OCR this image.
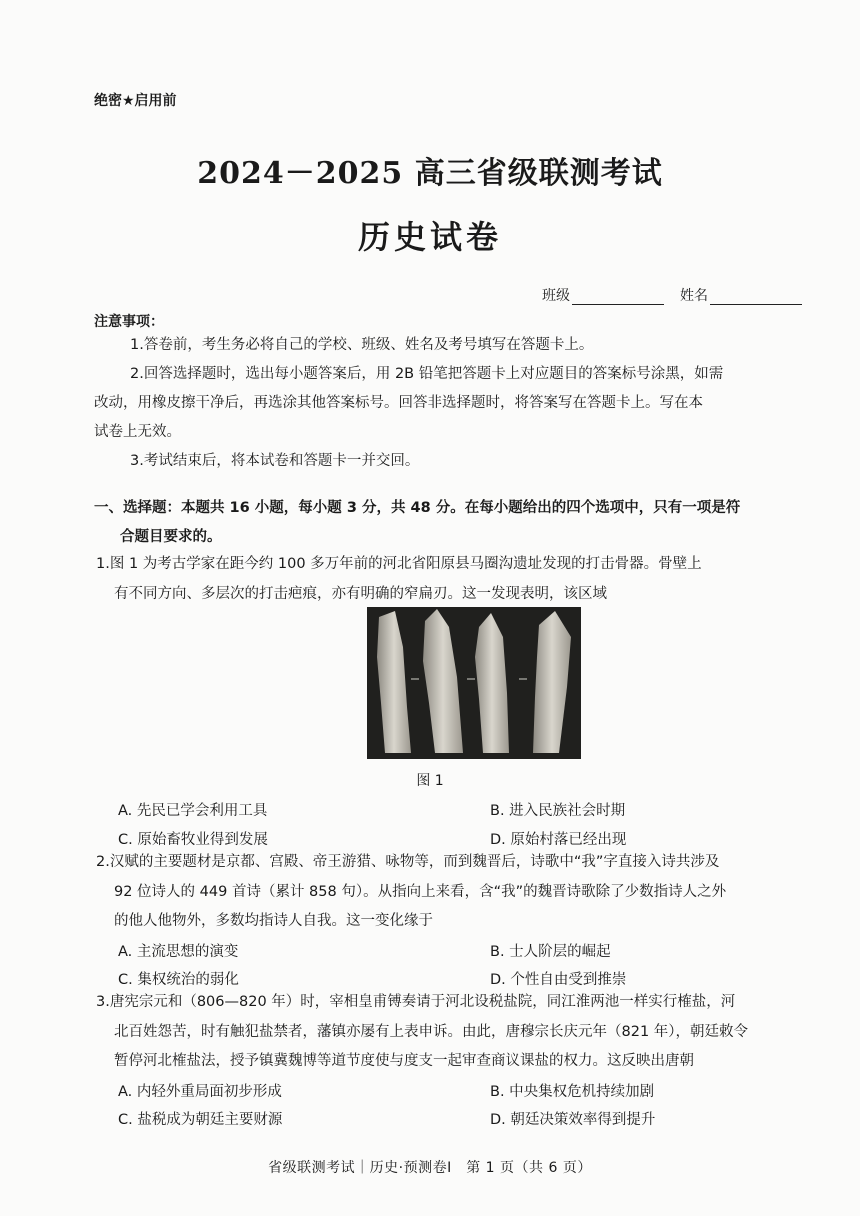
绝密★启用前
2024－2025 高三省级联测考试
历史试卷
班级	姓名
注意事项：
1.答卷前，考生务必将自己的学校、班级、姓名及考号填写在答题卡上。
2.回答选择题时，选出每小题答案后，用 2B 铅笔把答题卡上对应题目的答案标号涂黑，如需
改动，用橡皮擦干净后，再选涂其他答案标号。回答非选择题时，将答案写在答题卡上。写在本
试卷上无效。
3.考试结束后，将本试卷和答题卡一并交回。
一、选择题：本题共 16 小题，每小题 3 分，共 48 分。在每小题给出的四个选项中，只有一项是符
合题目要求的。
1.图 1 为考古学家在距今约 100 多万年前的河北省阳原县马圈沟遗址发现的打击骨器。骨壁上
有不同方向、多层次的打击疤痕，亦有明确的窄扁刃。这一发现表明，该区域
图 1
A. 先民已学会利用工具	B. 进入民族社会时期
C. 原始畜牧业得到发展	D. 原始村落已经出现
2.汉赋的主要题材是京都、宫殿、帝王游猎、咏物等，而到魏晋后，诗歌中“我”字直接入诗共涉及
92 位诗人的 449 首诗（累计 858 句）。从指向上来看，含“我”的魏晋诗歌除了少数指诗人之外
的他人他物外，多数均指诗人自我。这一变化缘于
A. 主流思想的演变	B. 士人阶层的崛起
C. 集权统治的弱化	D. 个性自由受到推崇
3.唐宪宗元和（806—820 年）时，宰相皇甫镈奏请于河北设税盐院，同江淮两池一样实行榷盐，河
北百姓怨苦，时有触犯盐禁者，藩镇亦屡有上表申诉。由此，唐穆宗长庆元年（821 年），朝廷敕令
暂停河北榷盐法，授予镇冀魏博等道节度使与度支一起审查商议课盐的权力。这反映出唐朝
A. 内轻外重局面初步形成	B. 中央集权危机持续加剧
C. 盐税成为朝廷主要财源	D. 朝廷决策效率得到提升
省级联测考试｜历史·预测卷Ⅰ　第 1 页（共 6 页）
